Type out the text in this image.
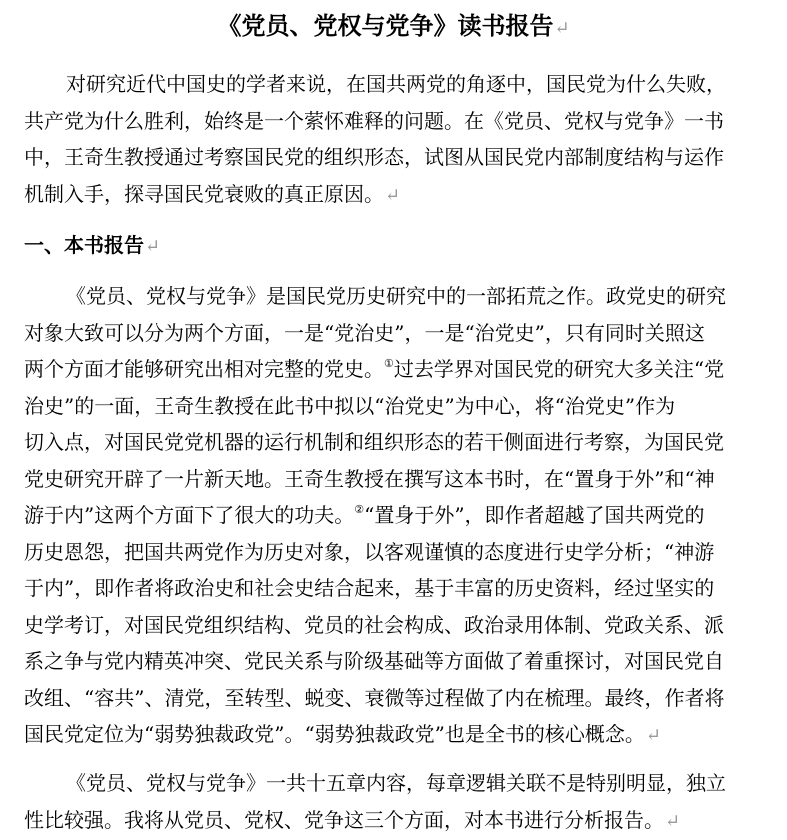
《党员、党权与党争》读书报告↵
对研究近代中国史的学者来说，在国共两党的角逐中，国民党为什么失败，
共产党为什么胜利，始终是一个萦怀难释的问题。在《党员、党权与党争》一书
中，王奇生教授通过考察国民党的组织形态，试图从国民党内部制度结构与运作
机制入手，探寻国民党衰败的真正原因。↵
一、本书报告↵
《党员、党权与党争》是国民党历史研究中的一部拓荒之作。政党史的研究
对象大致可以分为两个方面，一是“党治史”，一是“治党史”，只有同时关照这
两个方面才能够研究出相对完整的党史。①过去学界对国民党的研究大多关注“党
治史”的一面，王奇生教授在此书中拟以“治党史”为中心，将“治党史”作为
切入点，对国民党党机器的运行机制和组织形态的若干侧面进行考察，为国民党
党史研究开辟了一片新天地。王奇生教授在撰写这本书时，在“置身于外”和“神
游于内”这两个方面下了很大的功夫。②“置身于外”，即作者超越了国共两党的
历史恩怨，把国共两党作为历史对象，以客观谨慎的态度进行史学分析；“神游
于内”，即作者将政治史和社会史结合起来，基于丰富的历史资料，经过坚实的
史学考订，对国民党组织结构、党员的社会构成、政治录用体制、党政关系、派
系之争与党内精英冲突、党民关系与阶级基础等方面做了着重探讨，对国民党自
改组、“容共”、清党，至转型、蜕变、衰微等过程做了内在梳理。最终，作者将
国民党定位为“弱势独裁政党”。“弱势独裁政党”也是全书的核心概念。↵
《党员、党权与党争》一共十五章内容，每章逻辑关联不是特别明显，独立
性比较强。我将从党员、党权、党争这三个方面，对本书进行分析报告。↵
